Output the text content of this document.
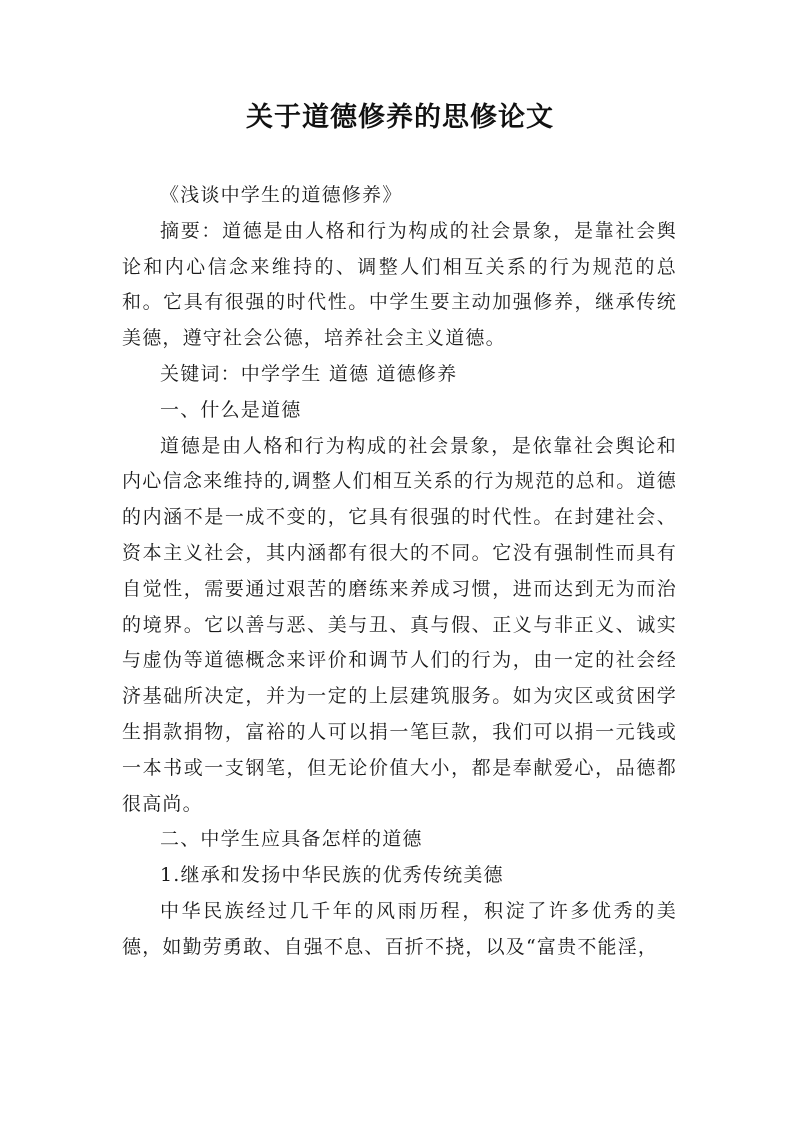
关于道德修养的思修论文

《浅谈中学生的道德修养》

摘要：道德是由人格和行为构成的社会景象，是靠社会舆论和内心信念来维持的、调整人们相互关系的行为规范的总和。它具有很强的时代性。中学生要主动加强修养，继承传统美德，遵守社会公德，培养社会主义道德。

关键词：中学学生 道德 道德修养

一、什么是道德

道德是由人格和行为构成的社会景象，是依靠社会舆论和内心信念来维持的,调整人们相互关系的行为规范的总和。道德的内涵不是一成不变的，它具有很强的时代性。在封建社会、资本主义社会，其内涵都有很大的不同。它没有强制性而具有自觉性，需要通过艰苦的磨练来养成习惯，进而达到无为而治的境界。它以善与恶、美与丑、真与假、正义与非正义、诚实与虚伪等道德概念来评价和调节人们的行为，由一定的社会经济基础所决定，并为一定的上层建筑服务。如为灾区或贫困学生捐款捐物，富裕的人可以捐一笔巨款，我们可以捐一元钱或一本书或一支钢笔，但无论价值大小，都是奉献爱心，品德都很高尚。

二、中学生应具备怎样的道德

1.继承和发扬中华民族的优秀传统美德

中华民族经过几千年的风雨历程，积淀了许多优秀的美德，如勤劳勇敢、自强不息、百折不挠，以及“富贵不能淫，
